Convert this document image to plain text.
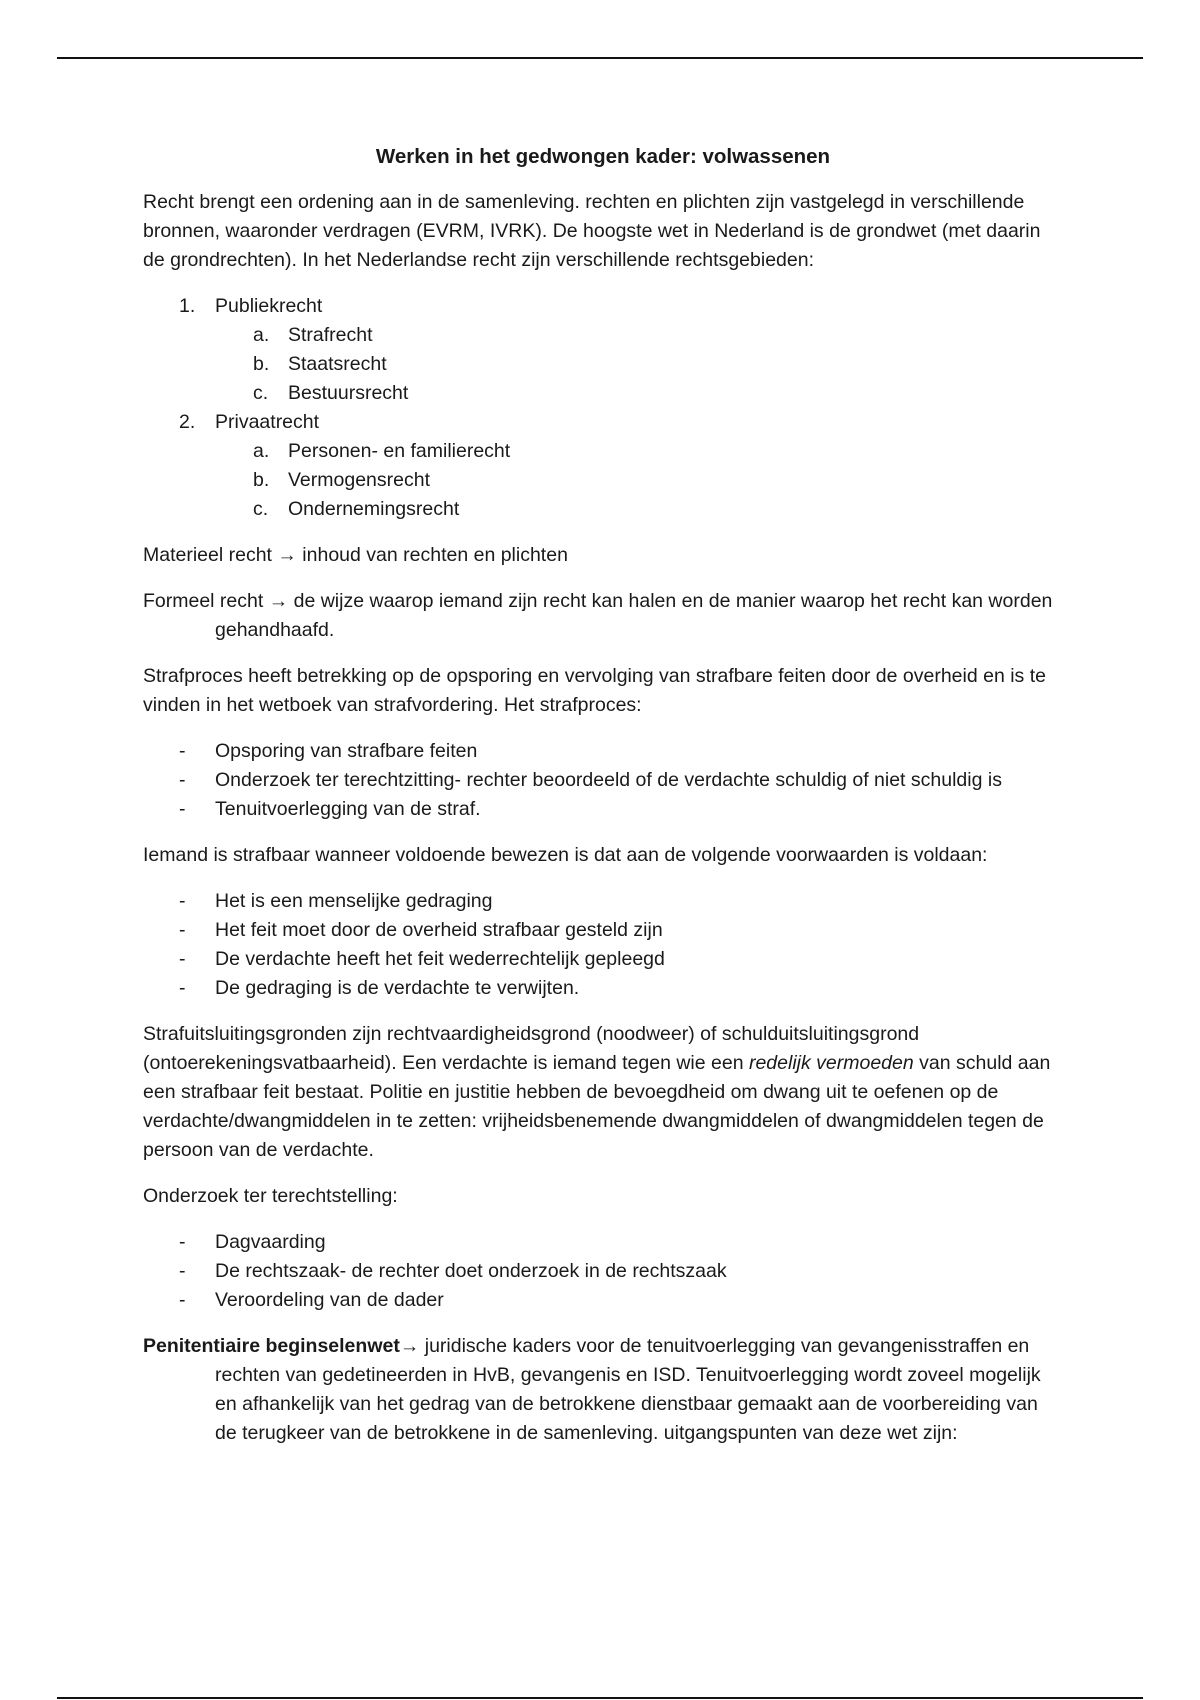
Werken in het gedwongen kader: volwassenen

Recht brengt een ordening aan in de samenleving. rechten en plichten zijn vastgelegd in verschillende bronnen, waaronder verdragen (EVRM, IVRK). De hoogste wet in Nederland is de grondwet (met daarin de grondrechten). In het Nederlandse recht zijn verschillende rechtsgebieden:

1. Publiekrecht
a. Strafrecht
b. Staatsrecht
c. Bestuursrecht
2. Privaatrecht
a. Personen- en familierecht
b. Vermogensrecht
c. Ondernemingsrecht

Materieel recht → inhoud van rechten en plichten

Formeel recht → de wijze waarop iemand zijn recht kan halen en de manier waarop het recht kan worden gehandhaafd.

Strafproces heeft betrekking op de opsporing en vervolging van strafbare feiten door de overheid en is te vinden in het wetboek van strafvordering. Het strafproces:

- Opsporing van strafbare feiten
- Onderzoek ter terechtzitting- rechter beoordeeld of de verdachte schuldig of niet schuldig is
- Tenuitvoerlegging van de straf.

Iemand is strafbaar wanneer voldoende bewezen is dat aan de volgende voorwaarden is voldaan:

- Het is een menselijke gedraging
- Het feit moet door de overheid strafbaar gesteld zijn
- De verdachte heeft het feit wederrechtelijk gepleegd
- De gedraging is de verdachte te verwijten.

Strafuitsluitingsgronden zijn rechtvaardigheidsgrond (noodweer) of schulduitsluitingsgrond (ontoerekeningsvatbaarheid). Een verdachte is iemand tegen wie een redelijk vermoeden van schuld aan een strafbaar feit bestaat. Politie en justitie hebben de bevoegdheid om dwang uit te oefenen op de verdachte/dwangmiddelen in te zetten: vrijheidsbenemende dwangmiddelen of dwangmiddelen tegen de persoon van de verdachte.

Onderzoek ter terechtstelling:

- Dagvaarding
- De rechtszaak- de rechter doet onderzoek in de rechtszaak
- Veroordeling van de dader

Penitentiaire beginselenwet→ juridische kaders voor de tenuitvoerlegging van gevangenisstraffen en rechten van gedetineerden in HvB, gevangenis en ISD. Tenuitvoerlegging wordt zoveel mogelijk en afhankelijk van het gedrag van de betrokkene dienstbaar gemaakt aan de voorbereiding van de terugkeer van de betrokkene in de samenleving. uitgangspunten van deze wet zijn:
